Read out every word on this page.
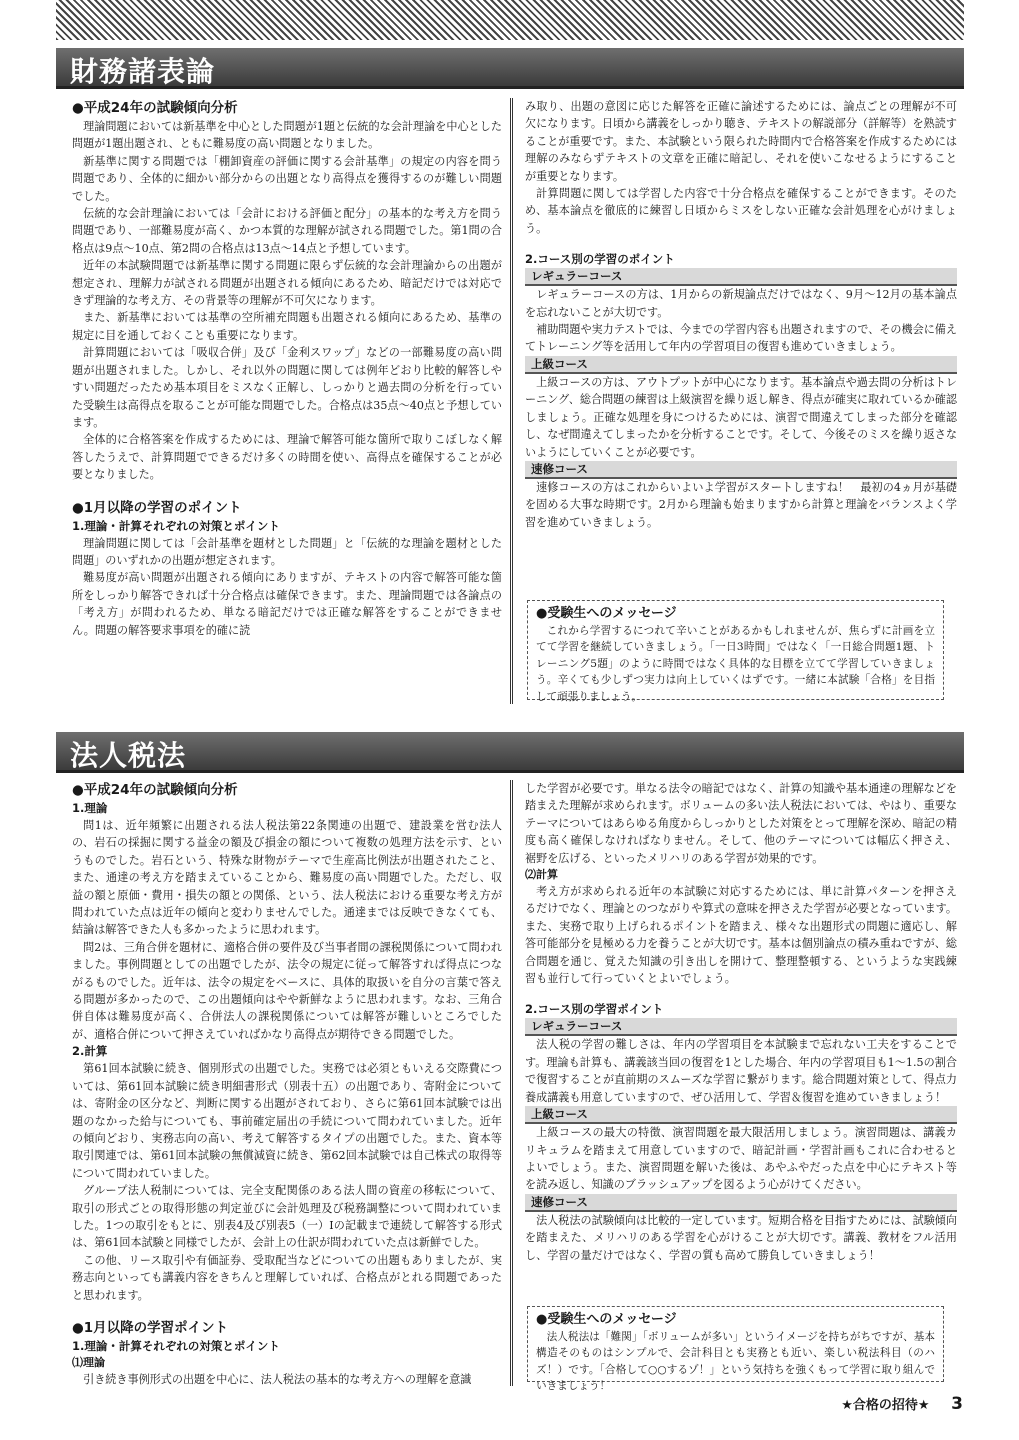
財務諸表論
●平成24年の試験傾向分析

理論問題においては新基準を中心とした問題が1題と伝統的な会計理論を中心とした問題が1題出題され、ともに難易度の高い問題となりました。

新基準に関する問題では「棚卸資産の評価に関する会計基準」の規定の内容を問う問題であり、全体的に細かい部分からの出題となり高得点を獲得するのが難しい問題でした。

伝統的な会計理論においては「会計における評価と配分」の基本的な考え方を問う問題であり、一部難易度が高く、かつ本質的な理解が試される問題でした。第1問の合格点は9点～10点、第2問の合格点は13点～14点と予想しています。

近年の本試験問題では新基準に関する問題に限らず伝統的な会計理論からの出題が想定され、理解力が試される問題が出題される傾向にあるため、暗記だけでは対応できず理論的な考え方、その背景等の理解が不可欠になります。

また、新基準においては基準の空所補充問題も出題される傾向にあるため、基準の規定に目を通しておくことも重要になります。

計算問題においては「吸収合併」及び「金利スワップ」などの一部難易度の高い問題が出題されました。しかし、それ以外の問題に関しては例年どおり比較的解答しやすい問題だったため基本項目をミスなく正解し、しっかりと過去問の分析を行っていた受験生は高得点を取ることが可能な問題でした。合格点は35点～40点と予想しています。

全体的に合格答案を作成するためには、理論で解答可能な箇所で取りこぼしなく解答したうえで、計算問題でできるだけ多くの時間を使い、高得点を確保することが必要となりました。

●1月以降の学習のポイント
1.理論・計算それぞれの対策とポイント

理論問題に関しては「会計基準を題材とした問題」と「伝統的な理論を題材とした問題」のいずれかの出題が想定されます。

難易度が高い問題が出題される傾向にありますが、テキストの内容で解答可能な箇所をしっかり解答できれば十分合格点は確保できます。また、理論問題では各論点の「考え方」が問われるため、単なる暗記だけでは正確な解答をすることができません。問題の解答要求事項を的確に読

み取り、出題の意図に応じた解答を正確に論述するためには、論点ごとの理解が不可欠になります。日頃から講義をしっかり聴き、テキストの解説部分（詳解等）を熟読することが重要です。また、本試験という限られた時間内で合格答案を作成するためには理解のみならずテキストの文章を正確に暗記し、それを使いこなせるようにすることが重要となります。

計算問題に関しては学習した内容で十分合格点を確保することができます。そのため、基本論点を徹底的に練習し日頃からミスをしない正確な会計処理を心がけましょう。

2.コース別の学習のポイント
レギュラーコース

レギュラーコースの方は、1月からの新規論点だけではなく、9月～12月の基本論点を忘れないことが大切です。

補助問題や実力テストでは、今までの学習内容も出題されますので、その機会に備えてトレーニング等を活用して年内の学習項目の復習も進めていきましょう。

上級コース

上級コースの方は、アウトプットが中心になります。基本論点や過去問の分析はトレーニング、総合問題の練習は上級演習を繰り返し解き、得点が確実に取れているか確認しましょう。正確な処理を身につけるためには、演習で間違えてしまった部分を確認し、なぜ間違えてしまったかを分析することです。そして、今後そのミスを繰り返さないようにしていくことが必要です。

速修コース

速修コースの方はこれからいよいよ学習がスタートしますね！　最初の4ヵ月が基礎を固める大事な時期です。2月から理論も始まりますから計算と理論をバランスよく学習を進めていきましょう。

●受験生へのメッセージ

これから学習するにつれて辛いことがあるかもしれませんが、焦らずに計画を立てて学習を継続していきましょう。「一日3時間」ではなく「一日総合問題1題、トレーニング5題」のように時間ではなく具体的な目標を立てて学習していきましょう。辛くても少しずつ実力は向上していくはずです。一緒に本試験「合格」を目指して頑張りましょう。

法人税法
●平成24年の試験傾向分析
1.理論

問1は、近年頻繁に出題される法人税法第22条関連の出題で、建設業を営む法人の、岩石の採掘に関する益金の額及び損金の額について複数の処理方法を示す、というものでした。岩石という、特殊な財物がテーマで生産高比例法が出題されたこと、また、通達の考え方を踏まえていることから、難易度の高い問題でした。ただし、収益の額と原価・費用・損失の額との関係、という、法人税法における重要な考え方が問われていた点は近年の傾向と変わりませんでした。通達までは反映できなくても、結論は解答できた人も多かったように思われます。

問2は、三角合併を題材に、適格合併の要件及び当事者間の課税関係について問われました。事例問題としての出題でしたが、法令の規定に従って解答すれば得点につながるものでした。近年は、法令の規定をベースに、具体的取扱いを自分の言葉で答える問題が多かったので、この出題傾向はやや新鮮なように思われます。なお、三角合併自体は難易度が高く、合併法人の課税関係については解答が難しいところでしたが、適格合併について押さえていればかなり高得点が期待できる問題でした。

2.計算

第61回本試験に続き、個別形式の出題でした。実務では必須ともいえる交際費については、第61回本試験に続き明細書形式（別表十五）の出題であり、寄附金については、寄附金の区分など、判断に関する出題がされており、さらに第61回本試験では出題のなかった給与についても、事前確定届出の手続について問われていました。近年の傾向どおり、実務志向の高い、考えて解答するタイプの出題でした。また、資本等取引関連では、第61回本試験の無償減資に続き、第62回本試験では自己株式の取得等について問われていました。

グループ法人税制については、完全支配関係のある法人間の資産の移転について、取引の形式ごとの取得形態の判定並びに会計処理及び税務調整について問われていました。1つの取引をもとに、別表4及び別表5（一）Ⅰの記載まで連続して解答する形式は、第61回本試験と同様でしたが、会計上の仕訳が問われていた点は新鮮でした。

この他、リース取引や有価証券、受取配当などについての出題もありましたが、実務志向といっても講義内容をきちんと理解していれば、合格点がとれる問題であったと思われます。

●1月以降の学習ポイント
1.理論・計算それぞれの対策とポイント
⑴理論

引き続き事例形式の出題を中心に、法人税法の基本的な考え方への理解を意識

した学習が必要です。単なる法令の暗記ではなく、計算の知識や基本通達の理解などを踏まえた理解が求められます。ボリュームの多い法人税法においては、やはり、重要なテーマについてはあらゆる角度からしっかりとした対策をとって理解を深め、暗記の精度も高く確保しなければなりません。そして、他のテーマについては幅広く押さえ、裾野を広げる、といったメリハリのある学習が効果的です。

⑵計算

考え方が求められる近年の本試験に対応するためには、単に計算パターンを押さえるだけでなく、理論とのつながりや算式の意味を押さえた学習が必要となっています。また、実務で取り上げられるポイントを踏まえ、様々な出題形式の問題に適応し、解答可能部分を見極める力を養うことが大切です。基本は個別論点の積み重ねですが、総合問題を通じ、覚えた知識の引き出しを開けて、整理整頓する、というような実践練習も並行して行っていくとよいでしょう。

2.コース別の学習ポイント
レギュラーコース

法人税の学習の難しさは、年内の学習項目を本試験まで忘れない工夫をすることです。理論も計算も、講義該当回の復習を1とした場合、年内の学習項目も1～1.5の割合で復習することが直前期のスムーズな学習に繋がります。総合問題対策として、得点力養成講義も用意していますので、ぜひ活用して、学習＆復習を進めていきましょう！

上級コース

上級コースの最大の特徴、演習問題を最大限活用しましょう。演習問題は、講義カリキュラムを踏まえて用意していますので、暗記計画・学習計画もこれに合わせるとよいでしょう。また、演習問題を解いた後は、あやふやだった点を中心にテキスト等を読み返し、知識のブラッシュアップを図るよう心がけてください。

速修コース

法人税法の試験傾向は比較的一定しています。短期合格を目指すためには、試験傾向を踏まえた、メリハリのある学習を心がけることが大切です。講義、教材をフル活用し、学習の量だけではなく、学習の質も高めて勝負していきましょう！

●受験生へのメッセージ

法人税法は「難関」「ボリュームが多い」というイメージを持ちがちですが、基本構造そのものはシンプルで、会計科目とも実務とも近い、楽しい税法科目（のハズ！）です。「合格して○○するゾ！」という気持ちを強くもって学習に取り組んでいきましょう！

★合格の招待★ 3
